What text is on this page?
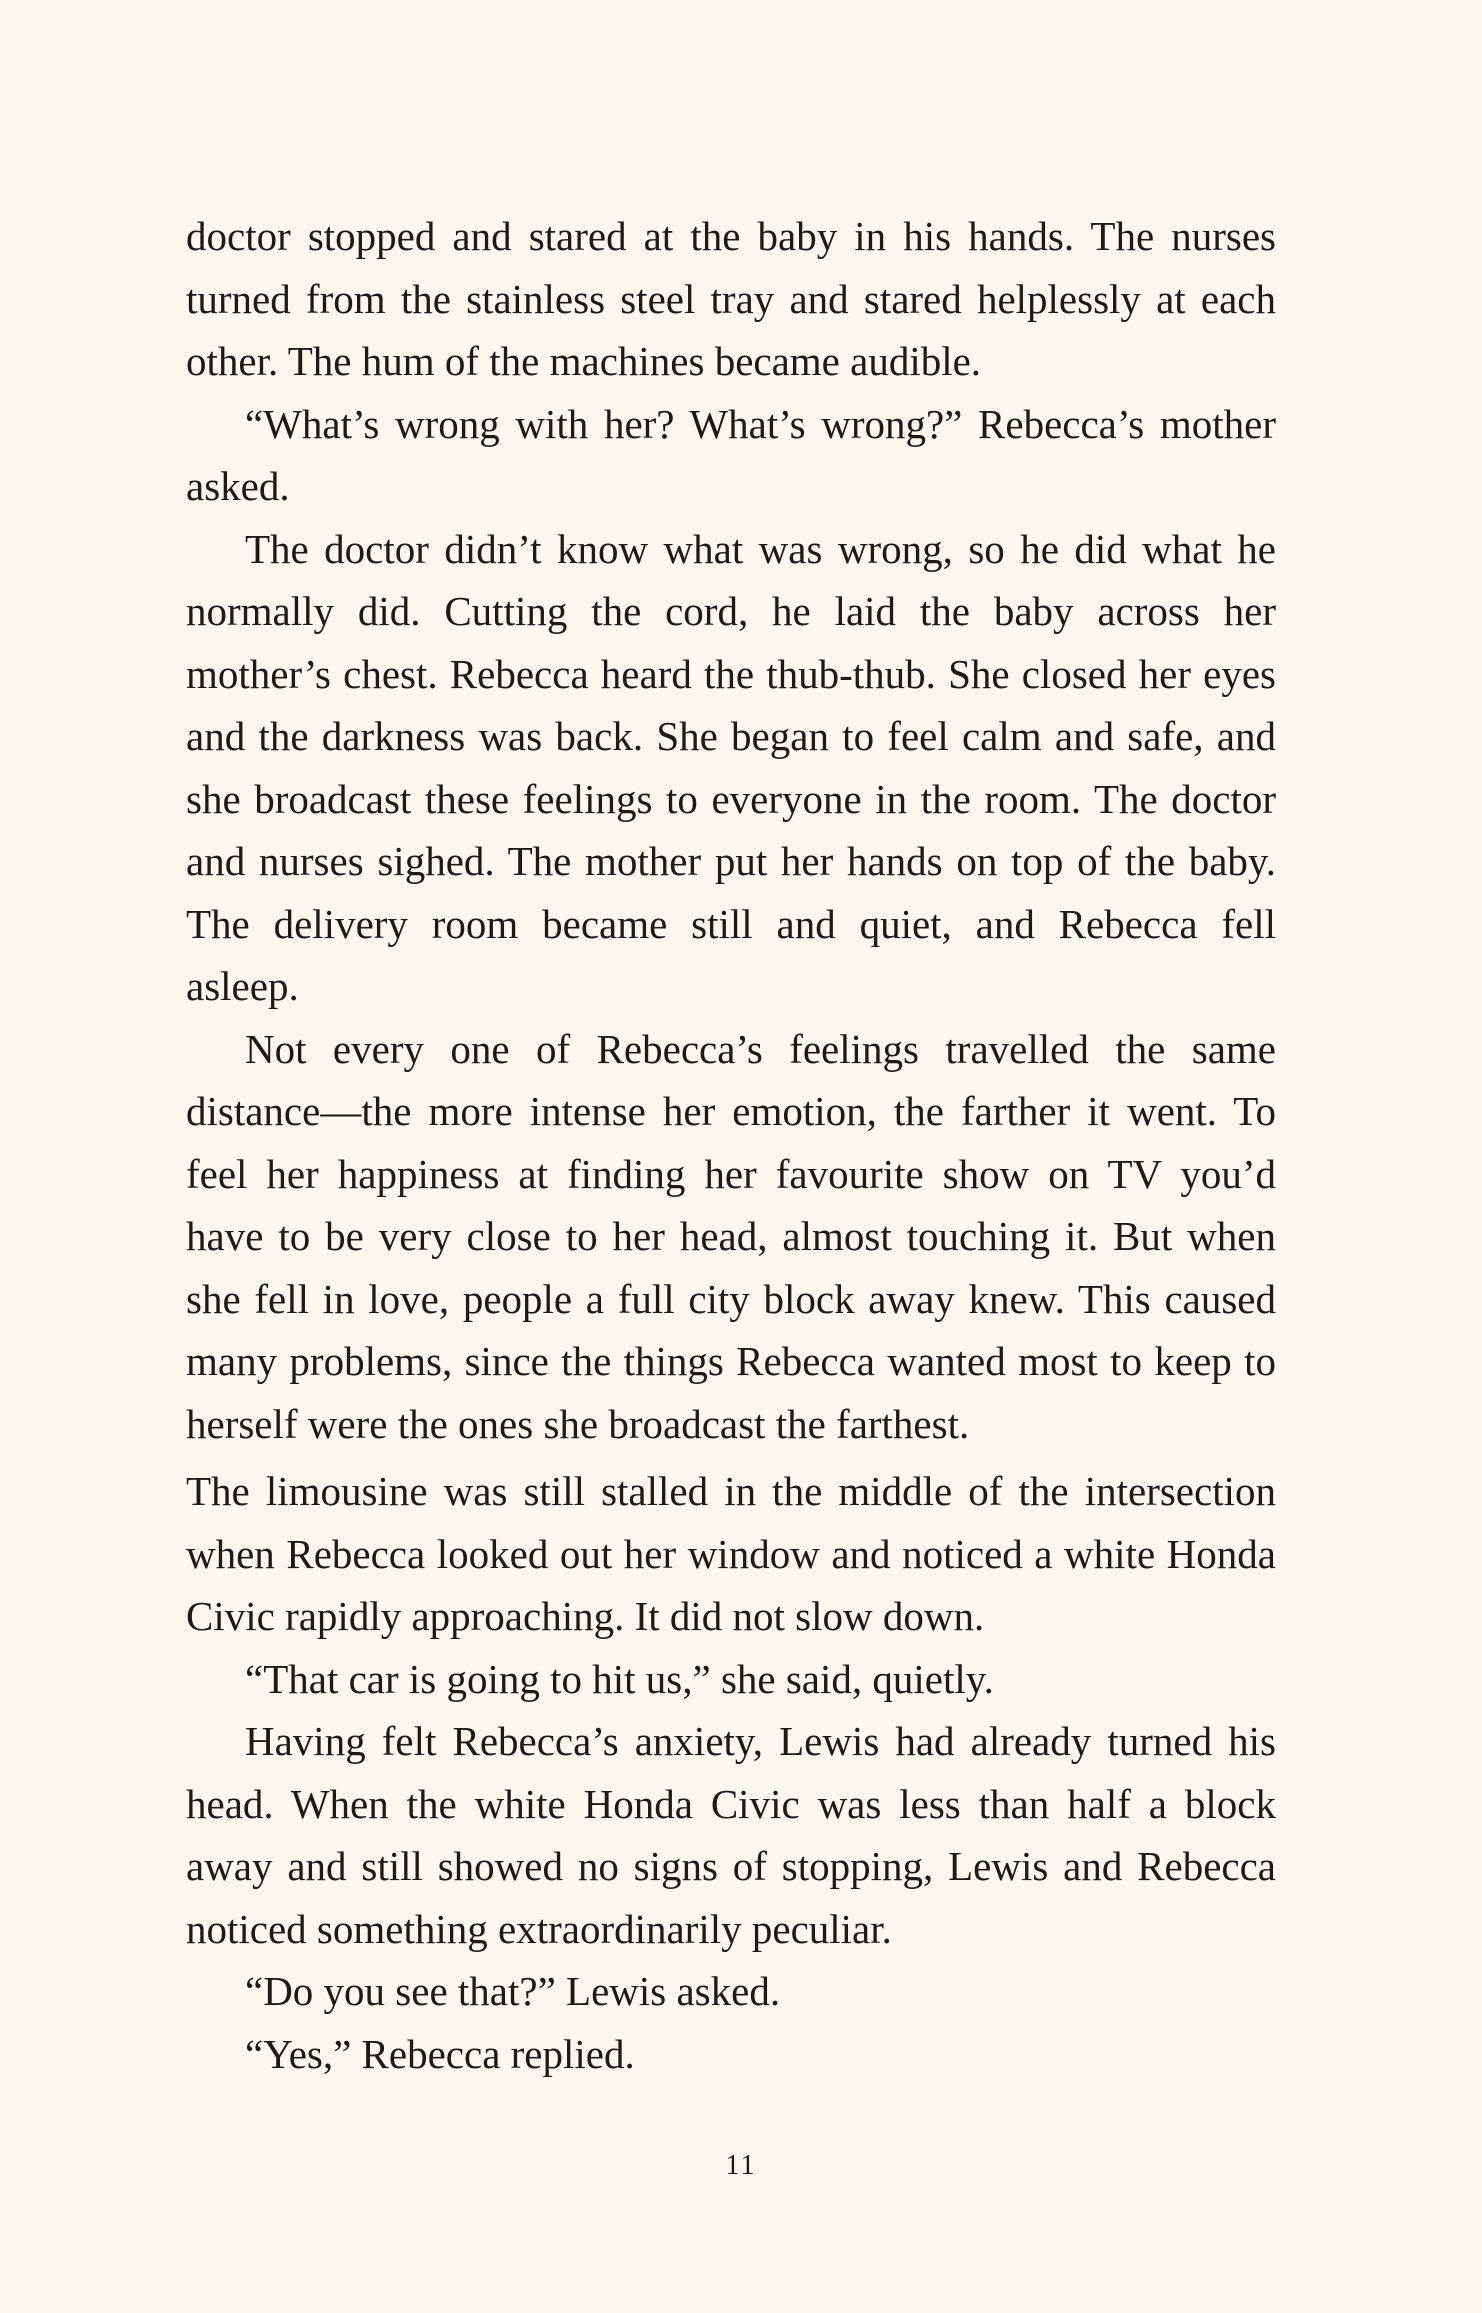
doctor stopped and stared at the baby in his hands. The nurses turned from the stainless steel tray and stared helplessly at each other. The hum of the machines became audible.

“What’s wrong with her? What’s wrong?” Rebecca’s mother asked.

The doctor didn’t know what was wrong, so he did what he normally did. Cutting the cord, he laid the baby across her mother’s chest. Rebecca heard the thub-thub. She closed her eyes and the darkness was back. She began to feel calm and safe, and she broadcast these feelings to everyone in the room. The doctor and nurses sighed. The mother put her hands on top of the baby. The delivery room became still and quiet, and Rebecca fell asleep.

Not every one of Rebecca’s feelings travelled the same distance—the more intense her emotion, the farther it went. To feel her happiness at finding her favourite show on TV you’d have to be very close to her head, almost touching it. But when she fell in love, people a full city block away knew. This caused many problems, since the things Rebecca wanted most to keep to herself were the ones she broadcast the farthest.

The limousine was still stalled in the middle of the intersection when Rebecca looked out her window and noticed a white Honda Civic rapidly approaching. It did not slow down.

“That car is going to hit us,” she said, quietly.

Having felt Rebecca’s anxiety, Lewis had already turned his head. When the white Honda Civic was less than half a block away and still showed no signs of stopping, Lewis and Rebecca noticed something extraordinarily peculiar.

“Do you see that?” Lewis asked.

“Yes,” Rebecca replied.

11
